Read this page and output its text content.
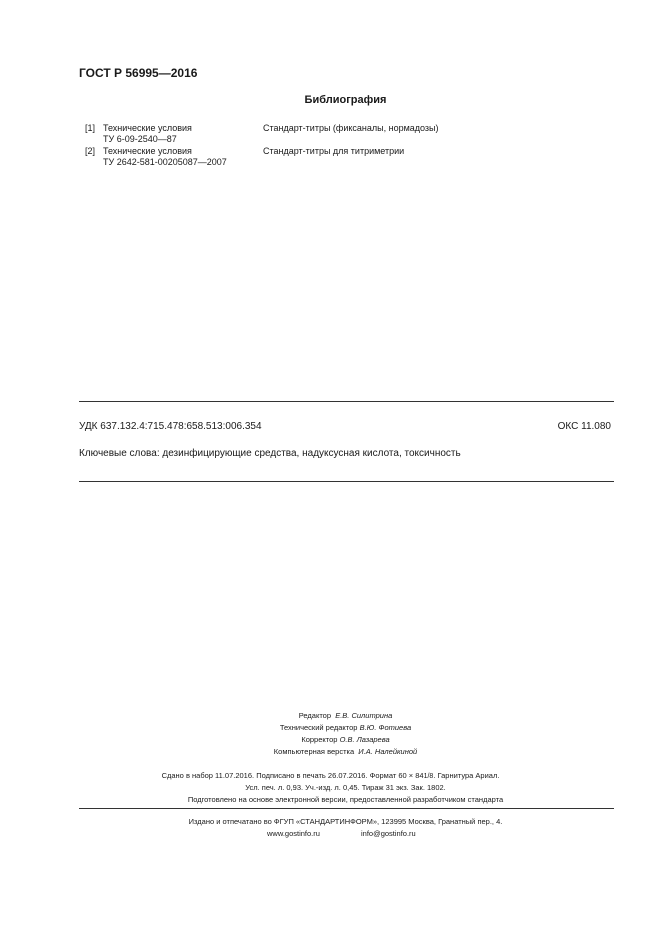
ГОСТ Р 56995—2016
Библиография
[1] Технические условия
ТУ 6-09-2540—87
Стандарт-титры (фиксаналы, нормадозы)
[2] Технические условия
ТУ 2642-581-00205087—2007
Стандарт-титры для титриметрии
УДК 637.132.4:715.478:658.513:006.354	ОКС 11.080
Ключевые слова: дезинфицирующие средства, надуксусная кислота, токсичность
Редактор Е.В. Силитрина
Технический редактор В.Ю. Фотиева
Корректор О.В. Лазарева
Компьютерная верстка И.А. Налейкиной
Сдано в набор 11.07.2016. Подписано в печать 26.07.2016. Формат 60 × 841/8. Гарнитура Ариал.
Усл. печ. л. 0,93. Уч.-изд. л. 0,45. Тираж 31 экз. Зак. 1802.
Подготовлено на основе электронной версии, предоставленной разработчиком стандарта
Издано и отпечатано во ФГУП «СТАНДАРТИНФОРМ», 123995 Москва, Гранатный пер., 4.
www.gostinfo.ru	info@gostinfo.ru
